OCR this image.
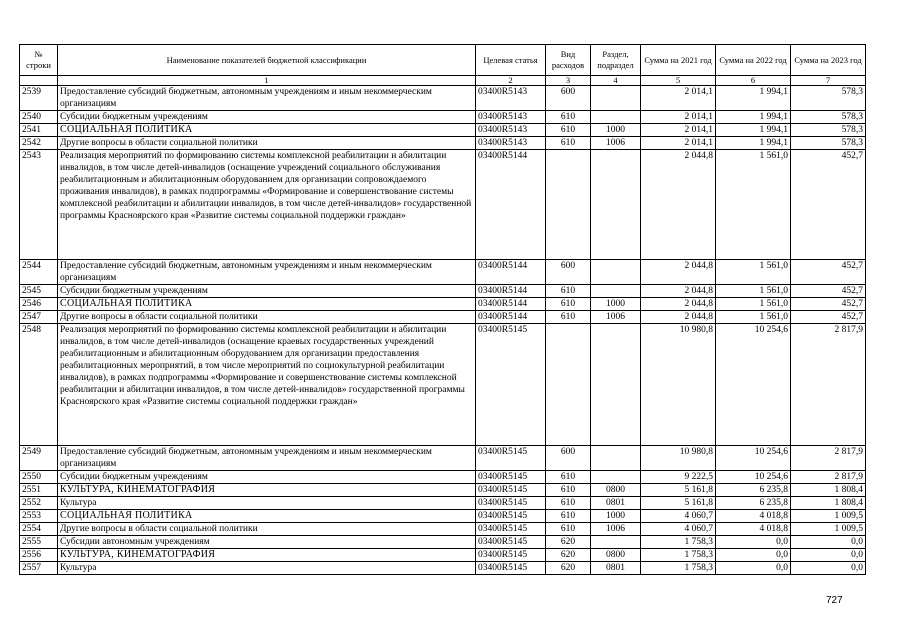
№ строки	Наименование показателей бюджетной классификации	Целевая статья	Вид расходов	Раздел, подраздел	Сумма на 2021 год	Сумма на 2022 год	Сумма на 2023 год
	1	2	3	4	5	6	7
2539	Предоставление субсидий бюджетным, автономным учреждениям и иным некоммерческим организациям	03400R5143	600		2 014,1	1 994,1	578,3
2540	Субсидии бюджетным учреждениям	03400R5143	610		2 014,1	1 994,1	578,3
2541	СОЦИАЛЬНАЯ ПОЛИТИКА	03400R5143	610	1000	2 014,1	1 994,1	578,3
2542	Другие вопросы в области социальной политики	03400R5143	610	1006	2 014,1	1 994,1	578,3
2543	Реализация мероприятий по формированию системы комплексной реабилитации и абилитации инвалидов, в том числе детей-инвалидов (оснащение учреждений социального обслуживания реабилитационным и абилитационным оборудованием для организации сопровождаемого проживания инвалидов), в рамках подпрограммы «Формирование и совершенствование системы комплексной реабилитации и абилитации инвалидов, в том числе детей-инвалидов» государственной программы Красноярского края «Развитие системы социальной поддержки граждан»	03400R5144			2 044,8	1 561,0	452,7
2544	Предоставление субсидий бюджетным, автономным учреждениям и иным некоммерческим организациям	03400R5144	600		2 044,8	1 561,0	452,7
2545	Субсидии бюджетным учреждениям	03400R5144	610		2 044,8	1 561,0	452,7
2546	СОЦИАЛЬНАЯ ПОЛИТИКА	03400R5144	610	1000	2 044,8	1 561,0	452,7
2547	Другие вопросы в области социальной политики	03400R5144	610	1006	2 044,8	1 561,0	452,7
2548	Реализация мероприятий по формированию системы комплексной реабилитации и абилитации инвалидов, в том числе детей-инвалидов (оснащение краевых государственных учреждений реабилитационным и абилитационным оборудованием для организации предоставления реабилитационных мероприятий, в том числе мероприятий по социокультурной реабилитации инвалидов), в рамках подпрограммы «Формирование и совершенствование системы комплексной реабилитации и абилитации инвалидов, в том числе детей-инвалидов» государственной программы Красноярского края «Развитие системы социальной поддержки граждан»	03400R5145			10 980,8	10 254,6	2 817,9
2549	Предоставление субсидий бюджетным, автономным учреждениям и иным некоммерческим организациям	03400R5145	600		10 980,8	10 254,6	2 817,9
2550	Субсидии бюджетным учреждениям	03400R5145	610		9 222,5	10 254,6	2 817,9
2551	КУЛЬТУРА, КИНЕМАТОГРАФИЯ	03400R5145	610	0800	5 161,8	6 235,8	1 808,4
2552	Культура	03400R5145	610	0801	5 161,8	6 235,8	1 808,4
2553	СОЦИАЛЬНАЯ ПОЛИТИКА	03400R5145	610	1000	4 060,7	4 018,8	1 009,5
2554	Другие вопросы в области социальной политики	03400R5145	610	1006	4 060,7	4 018,8	1 009,5
2555	Субсидии автономным учреждениям	03400R5145	620		1 758,3	0,0	0,0
2556	КУЛЬТУРА, КИНЕМАТОГРАФИЯ	03400R5145	620	0800	1 758,3	0,0	0,0
2557	Культура	03400R5145	620	0801	1 758,3	0,0	0,0
727
